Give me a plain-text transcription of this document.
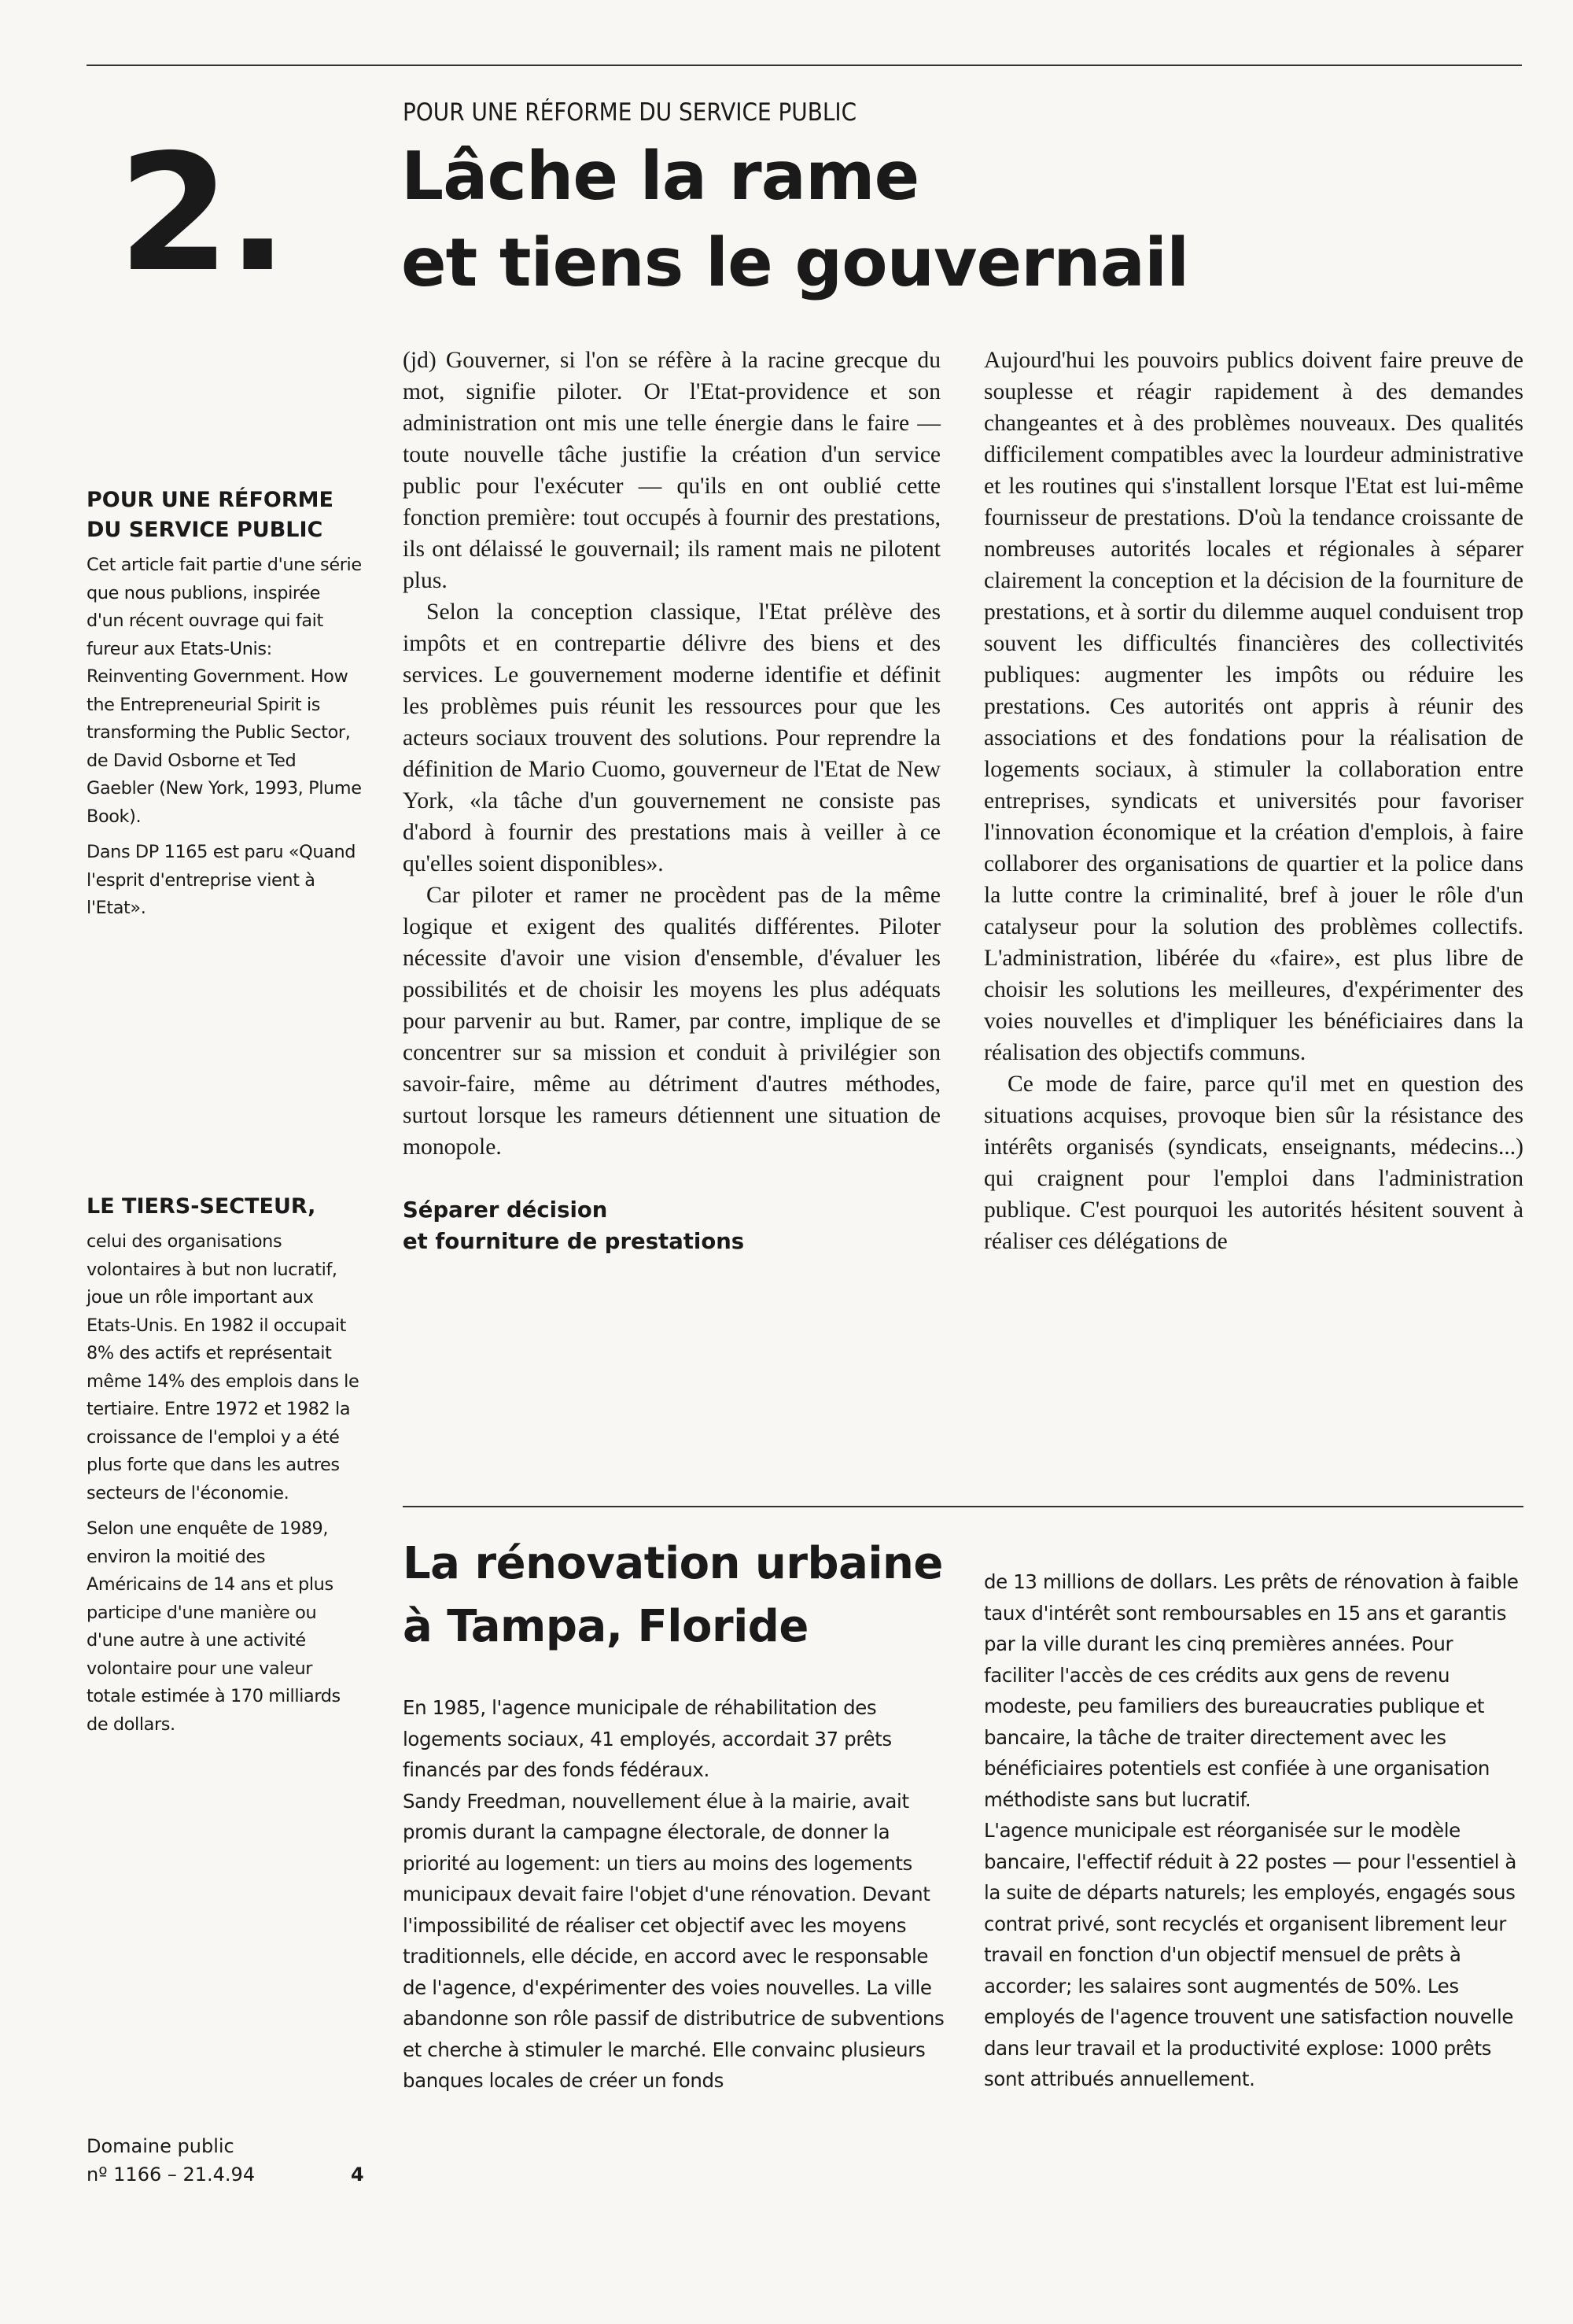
2.
POUR UNE RÉFORME DU SERVICE PUBLIC
Lâche la rame
et tiens le gouvernail
POUR UNE RÉFORME
DU SERVICE PUBLIC

Cet article fait partie d'une série que nous publions, inspirée d'un récent ouvrage qui fait fureur aux Etats-Unis: Reinventing Government. How the Entrepreneurial Spirit is transforming the Public Sector, de David Osborne et Ted Gaebler (New York, 1993, Plume Book).

Dans DP 1165 est paru «Quand l'esprit d'entreprise vient à l'Etat».

LE TIERS-SECTEUR,

celui des organisations volontaires à but non lucratif, joue un rôle important aux Etats-Unis. En 1982 il occupait 8% des actifs et représentait même 14% des emplois dans le tertiaire. Entre 1972 et 1982 la croissance de l'emploi y a été plus forte que dans les autres secteurs de l'économie.

Selon une enquête de 1989, environ la moitié des Américains de 14 ans et plus participe d'une manière ou d'une autre à une activité volontaire pour une valeur totale estimée à 170 milliards de dollars.

(jd) Gouverner, si l'on se réfère à la racine grecque du mot, signifie piloter. Or l'Etat-providence et son administration ont mis une telle énergie dans le faire — toute nouvelle tâche justifie la création d'un service public pour l'exécuter — qu'ils en ont oublié cette fonction première: tout occupés à fournir des prestations, ils ont délaissé le gouvernail; ils rament mais ne pilotent plus.

Selon la conception classique, l'Etat prélève des impôts et en contrepartie délivre des biens et des services. Le gouvernement moderne identifie et définit les problèmes puis réunit les ressources pour que les acteurs sociaux trouvent des solutions. Pour reprendre la définition de Mario Cuomo, gouverneur de l'Etat de New York, «la tâche d'un gouvernement ne consiste pas d'abord à fournir des prestations mais à veiller à ce qu'elles soient disponibles».

Car piloter et ramer ne procèdent pas de la même logique et exigent des qualités différentes. Piloter nécessite d'avoir une vision d'ensemble, d'évaluer les possibilités et de choisir les moyens les plus adéquats pour parvenir au but. Ramer, par contre, implique de se concentrer sur sa mission et conduit à privilégier son savoir-faire, même au détriment d'autres méthodes, surtout lorsque les rameurs détiennent une situation de monopole.

Séparer décision
et fourniture de prestations

Aujourd'hui les pouvoirs publics doivent faire preuve de souplesse et réagir rapidement à des demandes changeantes et à des problèmes nouveaux. Des qualités difficilement compatibles avec la lourdeur administrative et les routines qui s'installent lorsque l'Etat est lui-même fournisseur de prestations. D'où la tendance croissante de nombreuses autorités locales et régionales à séparer clairement la conception et la décision de la fourniture de prestations, et à sortir du dilemme auquel conduisent trop souvent les difficultés financières des collectivités publiques: augmenter les impôts ou réduire les prestations. Ces autorités ont appris à réunir des associations et des fondations pour la réalisation de logements sociaux, à stimuler la collaboration entre entreprises, syndicats et universités pour favoriser l'innovation économique et la création d'emplois, à faire collaborer des organisations de quartier et la police dans la lutte contre la criminalité, bref à jouer le rôle d'un catalyseur pour la solution des problèmes collectifs. L'administration, libérée du «faire», est plus libre de choisir les solutions les meilleures, d'expérimenter des voies nouvelles et d'impliquer les bénéficiaires dans la réalisation des objectifs communs.

Ce mode de faire, parce qu'il met en question des situations acquises, provoque bien sûr la résistance des intérêts organisés (syndicats, enseignants, médecins...) qui craignent pour l'emploi dans l'administration publique. C'est pourquoi les autorités hésitent souvent à réaliser ces délégations de

La rénovation urbaine
à Tampa, Floride

En 1985, l'agence municipale de réhabilitation des logements sociaux, 41 employés, accordait 37 prêts financés par des fonds fédéraux.

Sandy Freedman, nouvellement élue à la mairie, avait promis durant la campagne électorale, de donner la priorité au logement: un tiers au moins des logements municipaux devait faire l'objet d'une rénovation. Devant l'impossibilité de réaliser cet objectif avec les moyens traditionnels, elle décide, en accord avec le responsable de l'agence, d'expérimenter des voies nouvelles. La ville abandonne son rôle passif de distributrice de subventions et cherche à stimuler le marché. Elle convainc plusieurs banques locales de créer un fonds

de 13 millions de dollars. Les prêts de rénovation à faible taux d'intérêt sont remboursables en 15 ans et garantis par la ville durant les cinq premières années. Pour faciliter l'accès de ces crédits aux gens de revenu modeste, peu familiers des bureaucraties publique et bancaire, la tâche de traiter directement avec les bénéficiaires potentiels est confiée à une organisation méthodiste sans but lucratif.

L'agence municipale est réorganisée sur le modèle bancaire, l'effectif réduit à 22 postes — pour l'essentiel à la suite de départs naturels; les employés, engagés sous contrat privé, sont recyclés et organisent librement leur travail en fonction d'un objectif mensuel de prêts à accorder; les salaires sont augmentés de 50%. Les employés de l'agence trouvent une satisfaction nouvelle dans leur travail et la productivité explose: 1000 prêts sont attribués annuellement.

Domaine public
nº 1166 – 21.4.94	4
